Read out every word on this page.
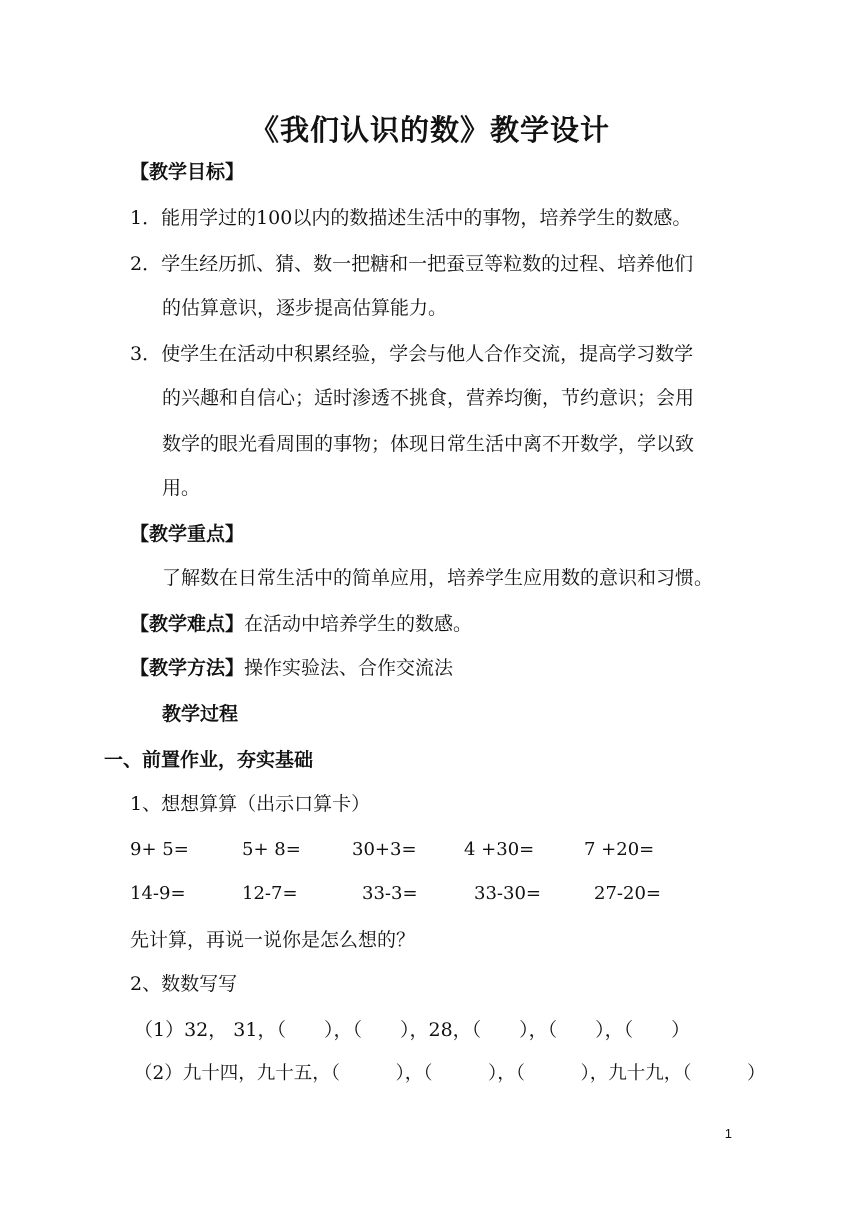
《我们认识的数》教学设计
【教学目标】
1．能用学过的100以内的数描述生活中的事物，培养学生的数感。
2．学生经历抓、猜、数一把糖和一把蚕豆等粒数的过程、培养他们
的估算意识，逐步提高估算能力。
3．使学生在活动中积累经验，学会与他人合作交流，提高学习数学
的兴趣和自信心；适时渗透不挑食，营养均衡，节约意识；会用
数学的眼光看周围的事物；体现日常生活中离不开数学，学以致
用。
【教学重点】
了解数在日常生活中的简单应用，培养学生应用数的意识和习惯。
【教学难点】在活动中培养学生的数感。
【教学方法】操作实验法、合作交流法
教学过程
一、前置作业，夯实基础
1、想想算算（出示口算卡）
9+ 5=	5+ 8=	30+3=	4 +30=	7 +20=
14-9=	12-7=	33-3=	33-30=	27-20=
先计算，再说一说你是怎么想的？
2、数数写写
（1）32， 31，（　　），（　　），28，（　　），（　　），（　　）
（2）九十四，九十五，（　　　），（　　　），（　　　），九十九，（　　　）
1
